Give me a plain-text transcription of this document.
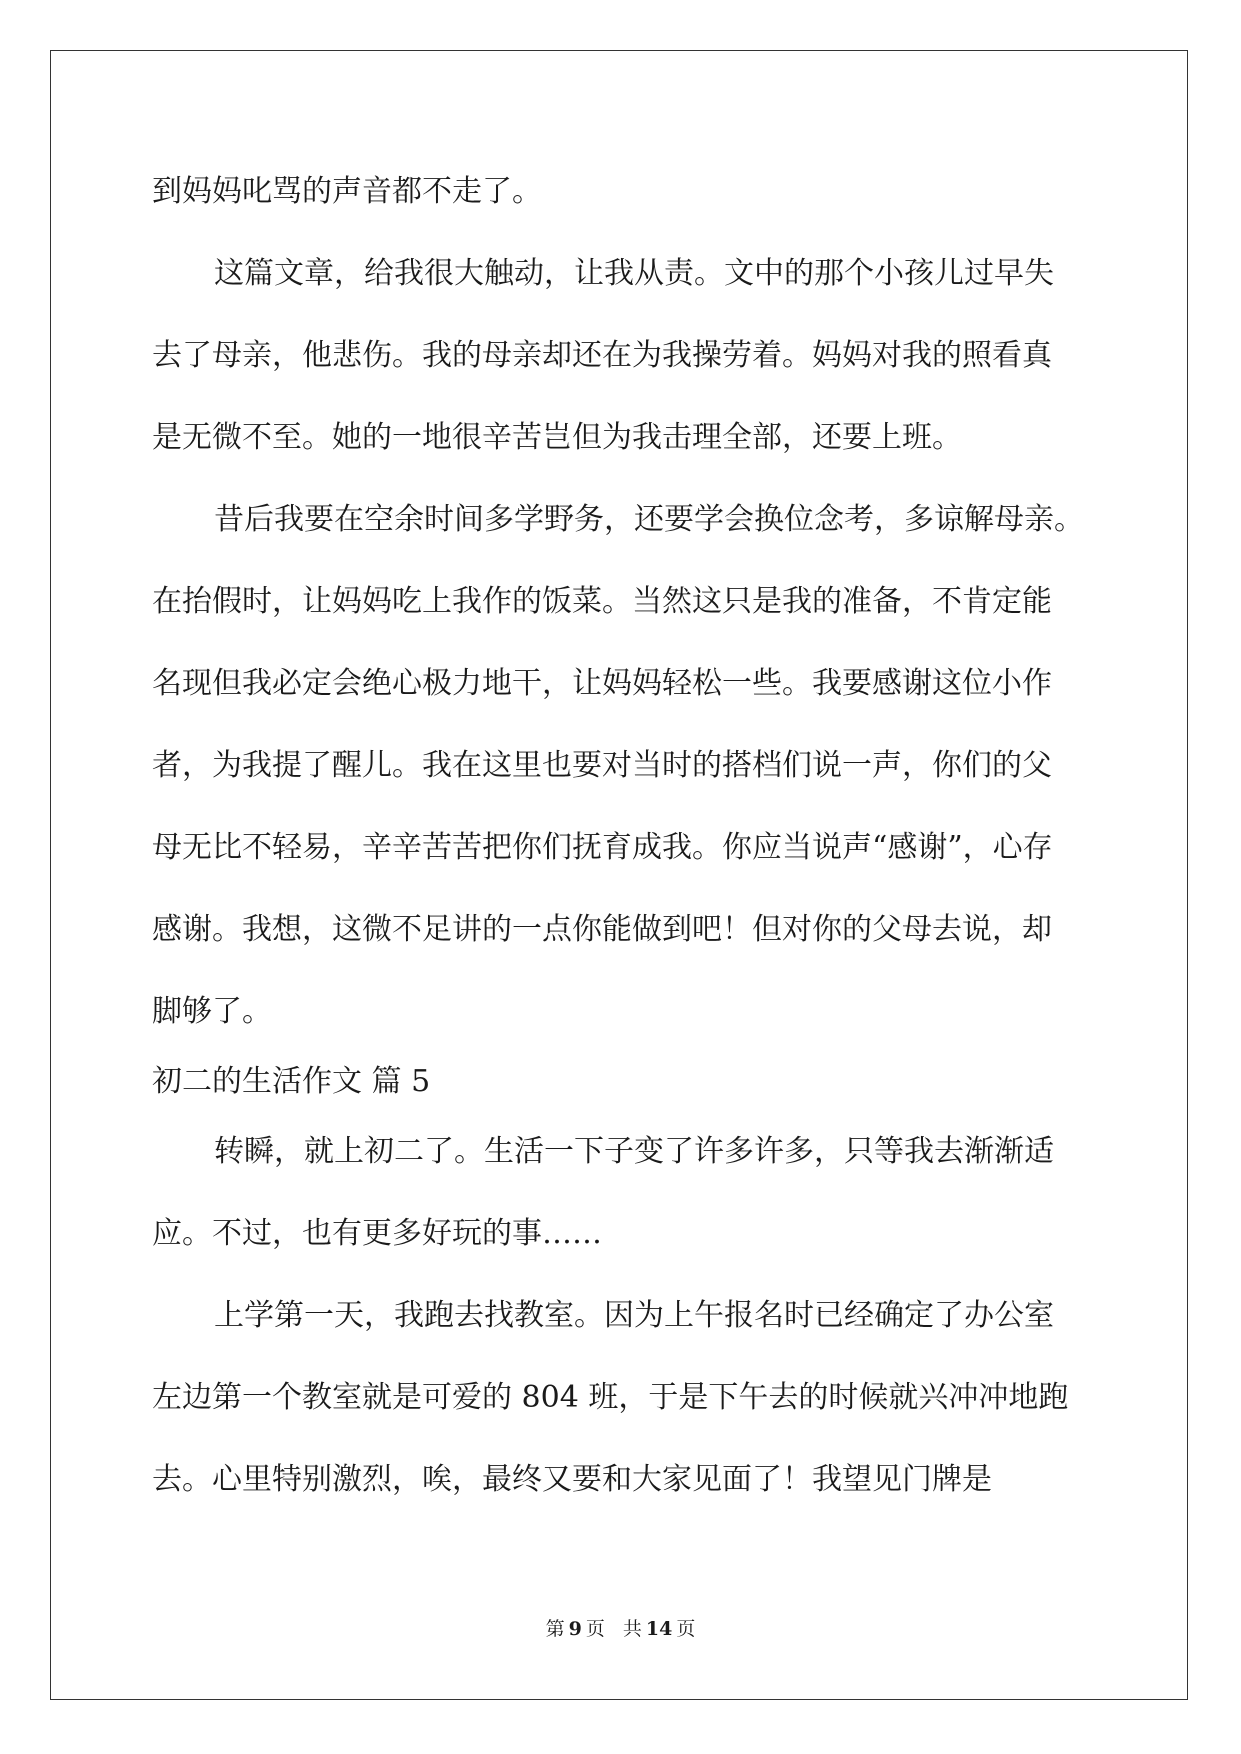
到妈妈叱骂的声音都不走了。
这篇文章，给我很大触动，让我从责。文中的那个小孩儿过早失
去了母亲，他悲伤。我的母亲却还在为我操劳着。妈妈对我的照看真
是无微不至。她的一地很辛苦岂但为我击理全部，还要上班。
昔后我要在空余时间多学野务，还要学会换位念考，多谅解母亲。
在抬假时，让妈妈吃上我作的饭菜。当然这只是我的准备，不肯定能
名现但我必定会绝心极力地干，让妈妈轻松一些。我要感谢这位小作
者，为我提了醒儿。我在这里也要对当时的搭档们说一声，你们的父
母无比不轻易，辛辛苦苦把你们抚育成我。你应当说声“感谢”，心存
感谢。我想，这微不足讲的一点你能做到吧！但对你的父母去说，却
脚够了。
初二的生活作文 篇 5
转瞬，就上初二了。生活一下子变了许多许多，只等我去渐渐适
应。不过，也有更多好玩的事……
上学第一天，我跑去找教室。因为上午报名时已经确定了办公室
左边第一个教室就是可爱的 804 班，于是下午去的时候就兴冲冲地跑
去。心里特别激烈，唉，最终又要和大家见面了！我望见门牌是
第 9 页 共 14 页
